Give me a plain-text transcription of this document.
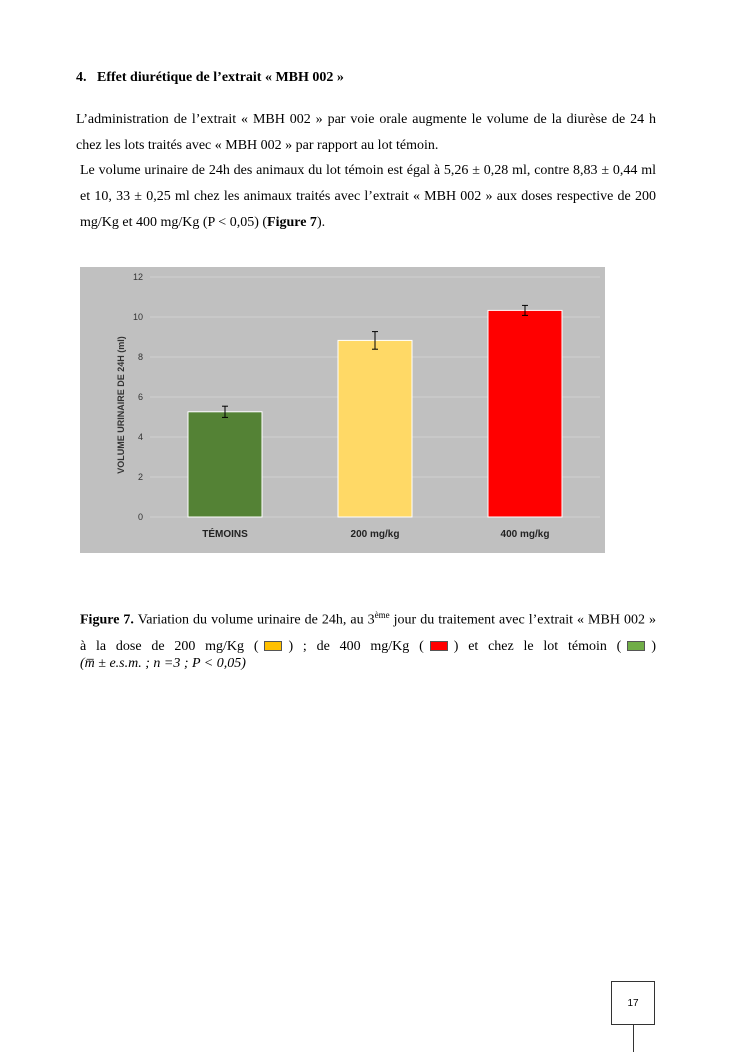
4.   Effet diurétique de l’extrait « MBH 002 »
L’administration de l’extrait « MBH 002 » par voie orale augmente le volume de la diurèse de 24 h chez les lots traités avec « MBH 002 » par rapport au lot témoin.
Le volume urinaire de 24h des animaux du lot témoin est égal à 5,26 ± 0,28 ml, contre 8,83 ± 0,44 ml et 10, 33 ± 0,25 ml chez les animaux traités avec l’extrait « MBH 002 » aux doses respective de 200 mg/Kg et 400 mg/Kg (P < 0,05) (Figure 7).
0
2
4
6
8
10
12
VOLUME URINAIRE DE 24H (ml)
TÉMOINS	200 mg/kg	400 mg/kg
Figure 7. Variation du volume urinaire de 24h, au 3ème jour du traitement avec l’extrait « MBH 002 » à la dose de 200 mg/Kg ( ) ; de 400 mg/Kg ( ) et chez le lot témoin ( )
(m̅ ± e.s.m. ; n =3 ; P < 0,05)
17
